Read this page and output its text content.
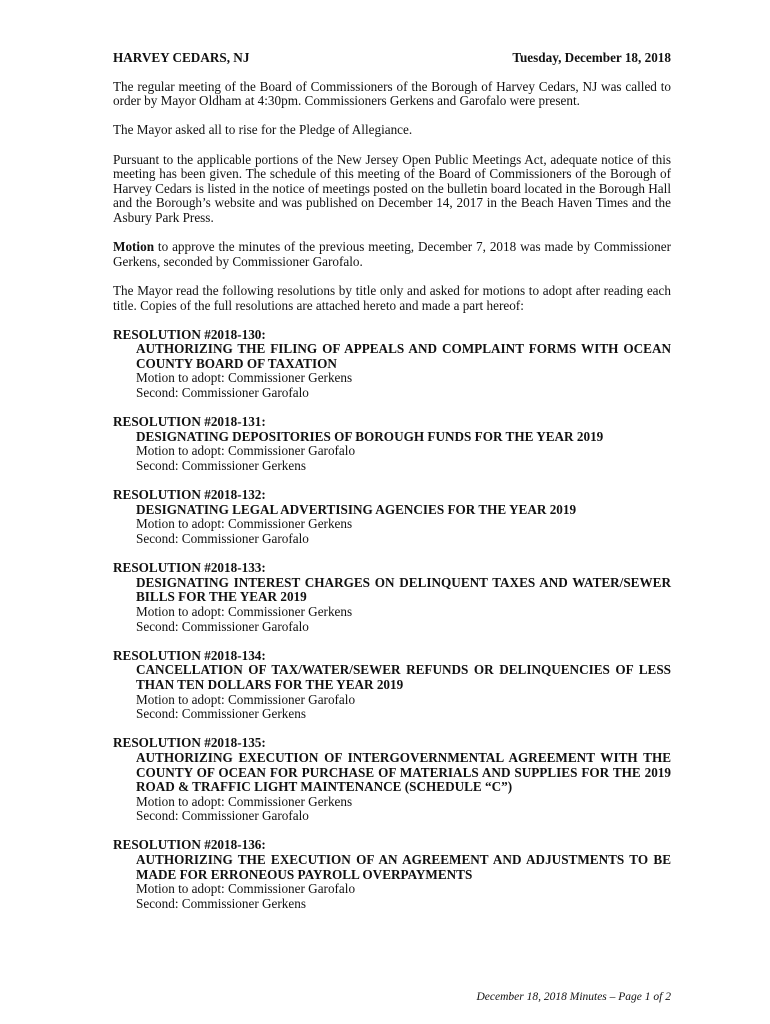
HARVEY CEDARS, NJ	Tuesday, December 18, 2018

The regular meeting of the Board of Commissioners of the Borough of Harvey Cedars, NJ was called to order by Mayor Oldham at 4:30pm. Commissioners Gerkens and Garofalo were present.

The Mayor asked all to rise for the Pledge of Allegiance.

Pursuant to the applicable portions of the New Jersey Open Public Meetings Act, adequate notice of this meeting has been given. The schedule of this meeting of the Board of Commissioners of the Borough of Harvey Cedars is listed in the notice of meetings posted on the bulletin board located in the Borough Hall and the Borough’s website and was published on December 14, 2017 in the Beach Haven Times and the Asbury Park Press.

Motion to approve the minutes of the previous meeting, December 7, 2018 was made by Commissioner Gerkens, seconded by Commissioner Garofalo.

The Mayor read the following resolutions by title only and asked for motions to adopt after reading each title. Copies of the full resolutions are attached hereto and made a part hereof:

RESOLUTION #2018-130:
AUTHORIZING THE FILING OF APPEALS AND COMPLAINT FORMS WITH OCEAN COUNTY BOARD OF TAXATION
Motion to adopt: Commissioner Gerkens
Second: Commissioner Garofalo
RESOLUTION #2018-131:
DESIGNATING DEPOSITORIES OF BOROUGH FUNDS FOR THE YEAR 2019
Motion to adopt: Commissioner Garofalo
Second: Commissioner Gerkens
RESOLUTION #2018-132:
DESIGNATING LEGAL ADVERTISING AGENCIES FOR THE YEAR 2019
Motion to adopt: Commissioner Gerkens
Second: Commissioner Garofalo
RESOLUTION #2018-133:
DESIGNATING INTEREST CHARGES ON DELINQUENT TAXES AND WATER/SEWER BILLS FOR THE YEAR 2019
Motion to adopt: Commissioner Gerkens
Second: Commissioner Garofalo
RESOLUTION #2018-134:
CANCELLATION OF TAX/WATER/SEWER REFUNDS OR DELINQUENCIES OF LESS THAN TEN DOLLARS FOR THE YEAR 2019
Motion to adopt: Commissioner Garofalo
Second: Commissioner Gerkens
RESOLUTION #2018-135:
AUTHORIZING EXECUTION OF INTERGOVERNMENTAL AGREEMENT WITH THE COUNTY OF OCEAN FOR PURCHASE OF MATERIALS AND SUPPLIES FOR THE 2019 ROAD & TRAFFIC LIGHT MAINTENANCE (SCHEDULE “C”)
Motion to adopt: Commissioner Gerkens
Second: Commissioner Garofalo
RESOLUTION #2018-136:
AUTHORIZING THE EXECUTION OF AN AGREEMENT AND ADJUSTMENTS TO BE MADE FOR ERRONEOUS PAYROLL OVERPAYMENTS
Motion to adopt: Commissioner Garofalo
Second: Commissioner Gerkens
December 18, 2018 Minutes – Page 1 of 2
